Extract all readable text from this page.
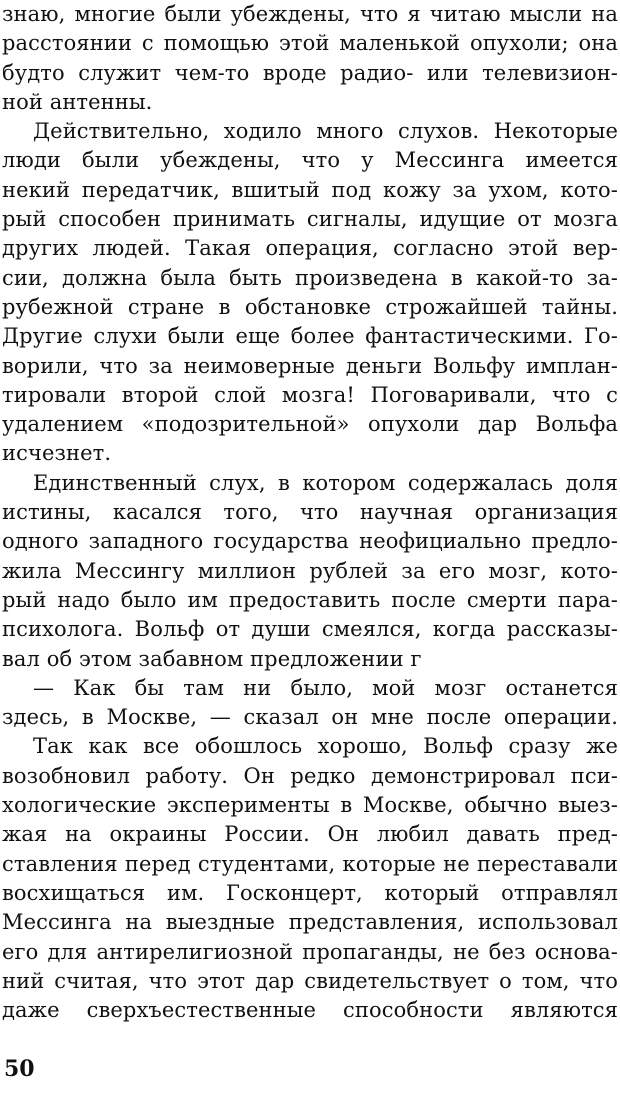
знаю, многие были убеждены, что я читаю мысли на
расстоянии с помощью этой маленькой опухоли; она
будто служит чем-то вроде радио- или телевизион-
ной антенны.
Действительно, ходило много слухов. Некоторые
люди были убеждены, что у Мессинга имеется
некий передатчик, вшитый под кожу за ухом, кото-
рый способен принимать сигналы, идущие от мозга
других людей. Такая операция, согласно этой вер-
сии, должна была быть произведена в какой-то за-
рубежной стране в обстановке строжайшей тайны.
Другие слухи были еще более фантастическими. Го-
ворили, что за неимоверные деньги Вольфу имплан-
тировали второй слой мозга! Поговаривали, что с
удалением «подозрительной» опухоли дар Вольфа
исчезнет.
Единственный слух, в котором содержалась доля
истины, касался того, что научная организация
одного западного государства неофициально предло-
жила Мессингу миллион рублей за его мозг, кото-
рый надо было им предоставить после смерти пара-
психолога. Вольф от души смеялся, когда рассказы-
вал об этом забавном предложении г
— Как бы там ни было, мой мозг останется
здесь, в Москве, — сказал он мне после операции.
Так как все обошлось хорошо, Вольф сразу же
возобновил работу. Он редко демонстрировал пси-
хологические эксперименты в Москве, обычно выез-
жая на окраины России. Он любил давать пред-
ставления перед студентами, которые не переставали
восхищаться им. Госконцерт, который отправлял
Мессинга на выездные представления, использовал
его для антирелигиозной пропаганды, не без основа-
ний считая, что этот дар свидетельствует о том, что
даже сверхъестественные способности являются
50
